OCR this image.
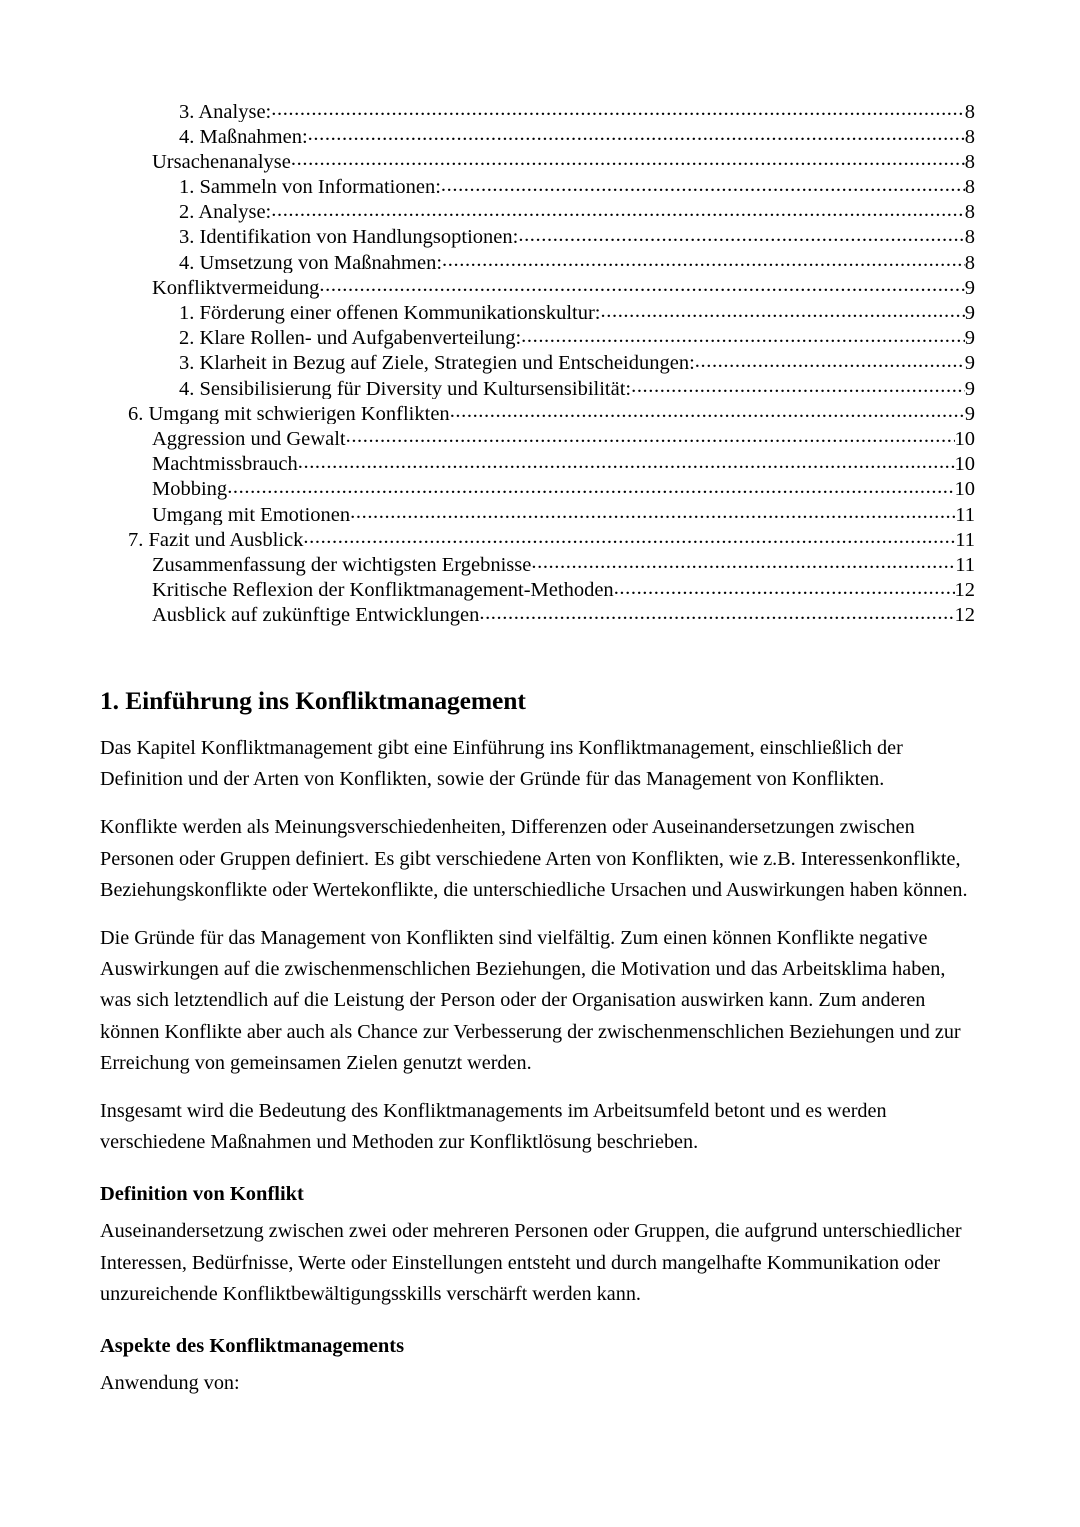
3. Analyse: .....	8
4. Maßnahmen: .....	8
Ursachenanalyse .....	8
1. Sammeln von Informationen: .....	8
2. Analyse: .....	8
3. Identifikation von Handlungsoptionen: .....	8
4. Umsetzung von Maßnahmen: .....	8
Konfliktvermeidung .....	9
1. Förderung einer offenen Kommunikationskultur: .....	9
2. Klare Rollen- und Aufgabenverteilung: .....	9
3. Klarheit in Bezug auf Ziele, Strategien und Entscheidungen: .....	9
4. Sensibilisierung für Diversity und Kultursensibilität: .....	9
6. Umgang mit schwierigen Konflikten .....	9
Aggression und Gewalt .....	10
Machtmissbrauch .....	10
Mobbing .....	10
Umgang mit Emotionen .....	11
7. Fazit und Ausblick .....	11
Zusammenfassung der wichtigsten Ergebnisse .....	11
Kritische Reflexion der Konfliktmanagement-Methoden .....	12
Ausblick auf zukünftige Entwicklungen .....	12
1. Einführung ins Konfliktmanagement

Das Kapitel Konfliktmanagement gibt eine Einführung ins Konfliktmanagement, einschließlich der Definition und der Arten von Konflikten, sowie der Gründe für das Management von Konflikten.

Konflikte werden als Meinungsverschiedenheiten, Differenzen oder Auseinandersetzungen zwischen Personen oder Gruppen definiert. Es gibt verschiedene Arten von Konflikten, wie z.B. Interessenkonflikte, Beziehungskonflikte oder Wertekonflikte, die unterschiedliche Ursachen und Auswirkungen haben können.

Die Gründe für das Management von Konflikten sind vielfältig. Zum einen können Konflikte negative Auswirkungen auf die zwischenmenschlichen Beziehungen, die Motivation und das Arbeitsklima haben, was sich letztendlich auf die Leistung der Person oder der Organisation auswirken kann. Zum anderen können Konflikte aber auch als Chance zur Verbesserung der zwischenmenschlichen Beziehungen und zur Erreichung von gemeinsamen Zielen genutzt werden.

Insgesamt wird die Bedeutung des Konfliktmanagements im Arbeitsumfeld betont und es werden verschiedene Maßnahmen und Methoden zur Konfliktlösung beschrieben.

Definition von Konflikt

Auseinandersetzung zwischen zwei oder mehreren Personen oder Gruppen, die aufgrund unterschiedlicher Interessen, Bedürfnisse, Werte oder Einstellungen entsteht und durch mangelhafte Kommunikation oder unzureichende Konfliktbewältigungsskills verschärft werden kann.

Aspekte des Konfliktmanagements

Anwendung von:
